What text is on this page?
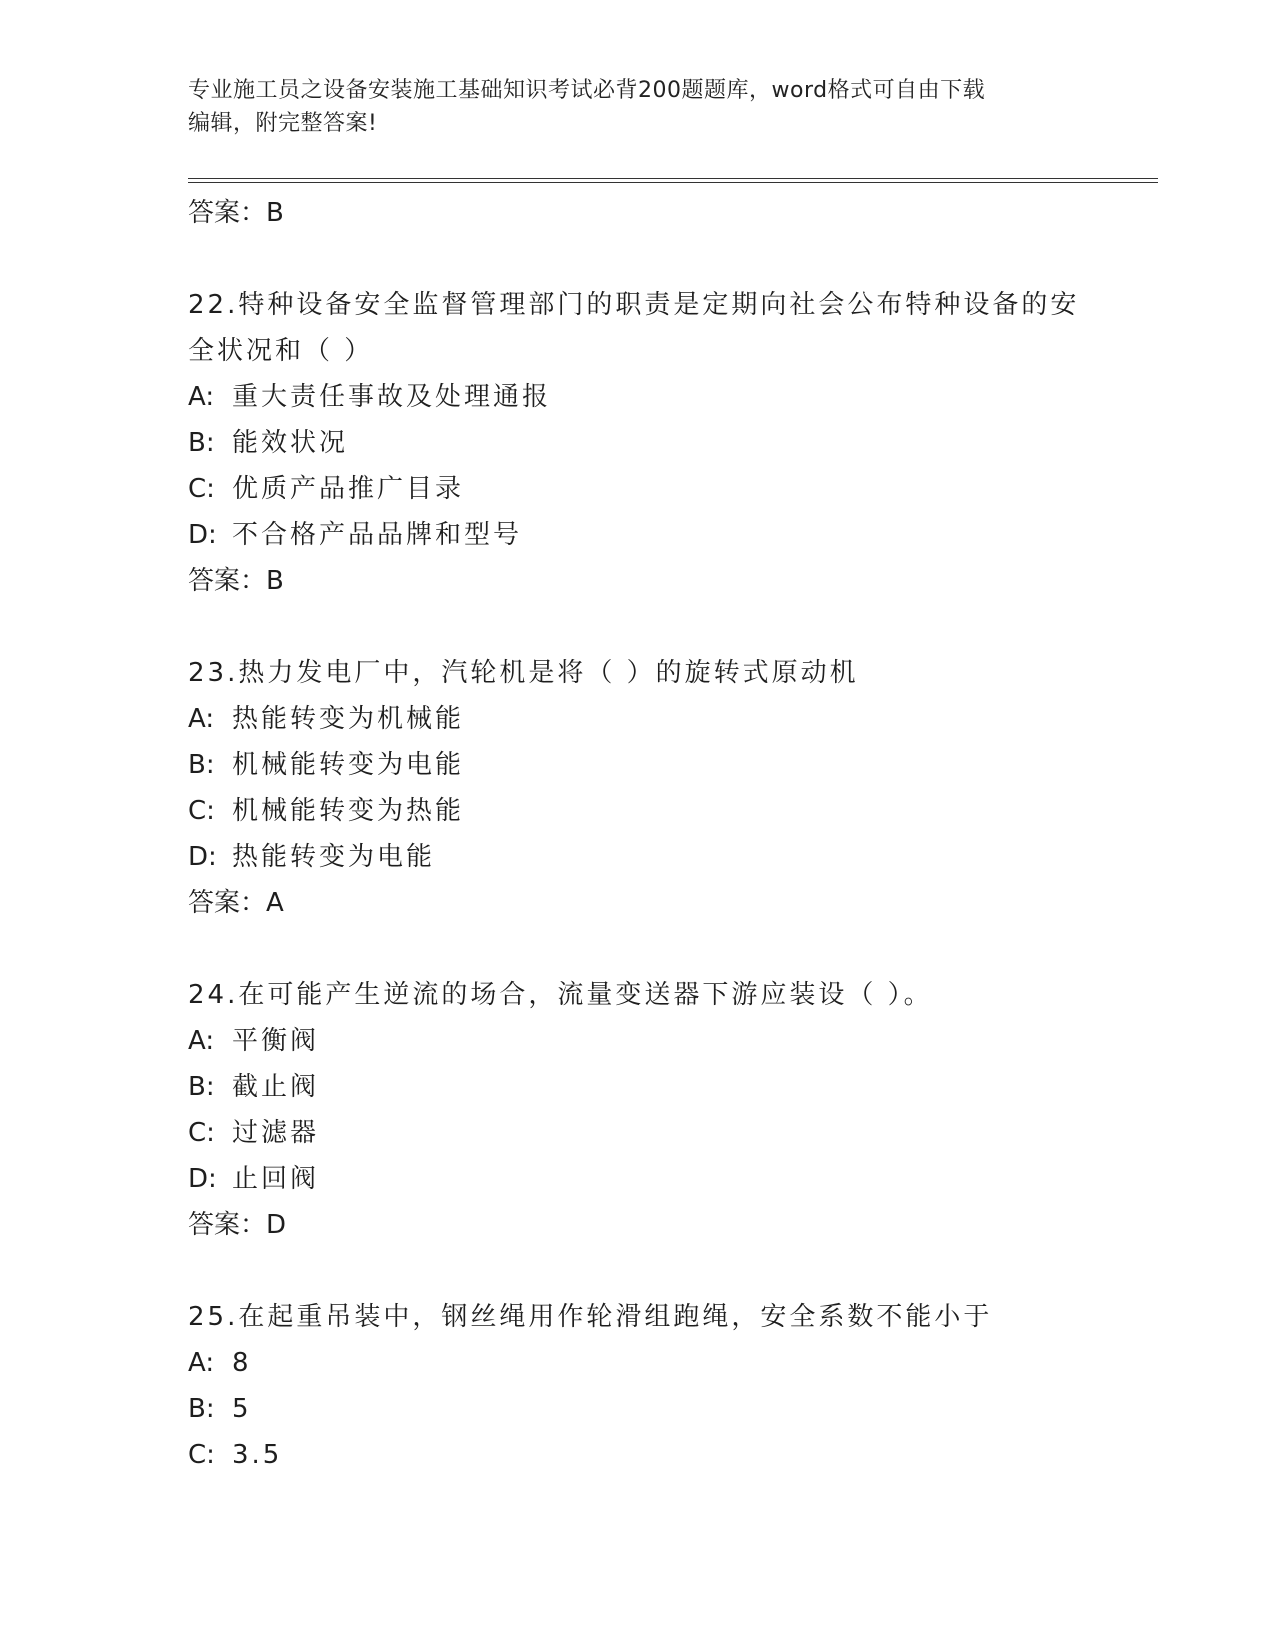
专业施工员之设备安装施工基础知识考试必背200题题库，word格式可自由下载
编辑，附完整答案!
答案：B
22.特种设备安全监督管理部门的职责是定期向社会公布特种设备的安
全状况和（ ）
A: 重大责任事故及处理通报
B: 能效状况
C: 优质产品推广目录
D: 不合格产品品牌和型号
答案：B
23.热力发电厂中，汽轮机是将（ ）的旋转式原动机
A: 热能转变为机械能
B: 机械能转变为电能
C: 机械能转变为热能
D: 热能转变为电能
答案：A
24.在可能产生逆流的场合，流量变送器下游应装设（ ）。
A: 平衡阀
B: 截止阀
C: 过滤器
D: 止回阀
答案：D
25.在起重吊装中，钢丝绳用作轮滑组跑绳，安全系数不能小于
A: 8
B: 5
C: 3.5
